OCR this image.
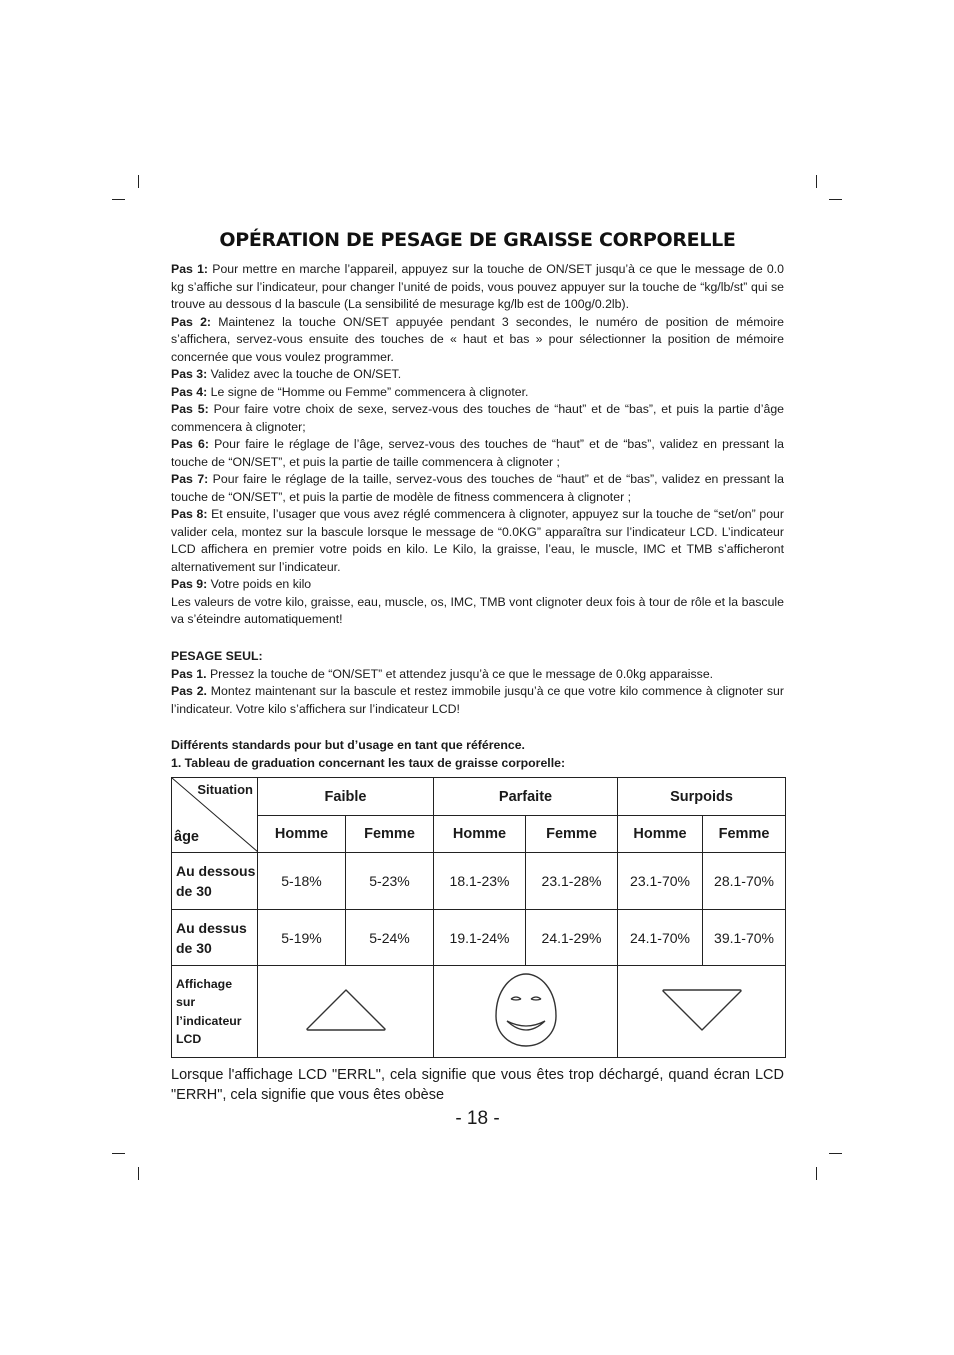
OPÉRATION DE PESAGE DE GRAISSE CORPORELLE

Pas 1: Pour mettre en marche l’appareil, appuyez sur la touche de ON/SET jusqu’à ce que le message de 0.0 kg s’affiche sur l’indicateur, pour changer l’unité de poids, vous pouvez appuyer sur la touche de “kg/lb/st” qui se trouve au dessous d la bascule (La sensibilité de mesurage kg/lb est de 100g/0.2lb).

Pas 2: Maintenez la touche ON/SET appuyée pendant 3 secondes, le numéro de position de mémoire s’affichera, servez-vous ensuite des touches de « haut et bas » pour sélectionner la position de mémoire concernée que vous voulez programmer.

Pas 3: Validez avec la touche de ON/SET.

Pas 4: Le signe de “Homme ou Femme” commencera à clignoter.

Pas 5: Pour faire votre choix de sexe, servez-vous des touches de “haut” et de “bas”, et puis la partie d’âge commencera à clignoter;

Pas 6: Pour faire le réglage de l’âge, servez-vous des touches de “haut” et de “bas”, validez en pressant la touche de “ON/SET”, et puis la partie de taille commencera à clignoter ;

Pas 7: Pour faire le réglage de la taille, servez-vous des touches de “haut” et de “bas”, validez en pressant la touche de “ON/SET”, et puis la partie de modèle de fitness commencera à clignoter ;

Pas 8: Et ensuite, l’usager que vous avez réglé commencera à clignoter, appuyez sur la touche de “set/on” pour valider cela, montez sur la bascule lorsque le message de “0.0KG” apparaîtra sur l’indicateur LCD. L’indicateur LCD affichera en premier votre poids en kilo. Le Kilo, la graisse, l’eau, le muscle, IMC et TMB s’afficheront alternativement sur l’indicateur.

Pas 9: Votre poids en kilo

Les valeurs de votre kilo, graisse, eau, muscle, os, IMC, TMB vont clignoter deux fois à tour de rôle et la bascule va s’éteindre automatiquement!

PESAGE SEUL:

Pas 1. Pressez la touche de “ON/SET” et attendez jusqu’à ce que le message de 0.0kg apparaisse.

Pas 2. Montez maintenant sur la bascule et restez immobile jusqu’à ce que votre kilo commence à clignoter sur l’indicateur. Votre kilo s’affichera sur l’indicateur LCD!

Différents standards pour but d’usage en tant que référence.

1. Tableau de graduation concernant les taux de graisse corporelle:

Situation
âge	Faible		Parfaite		Surpoids	
	Homme	Femme	Homme	Femme	Homme	Femme
Au dessous
de 30	5-18%	5-23%	18.1-23%	23.1-28%	23.1-70%	28.1-70%
Au dessus
de 30	5-19%	5-24%	19.1-24%	24.1-29%	24.1-70%	39.1-70%
Affichage
sur
l’indicateur
LCD			
Lorsque l'affichage LCD "ERRL", cela signifie que vous êtes trop déchargé, quand écran LCD "ERRH", cela signifie que vous êtes obèse
- 18 -
